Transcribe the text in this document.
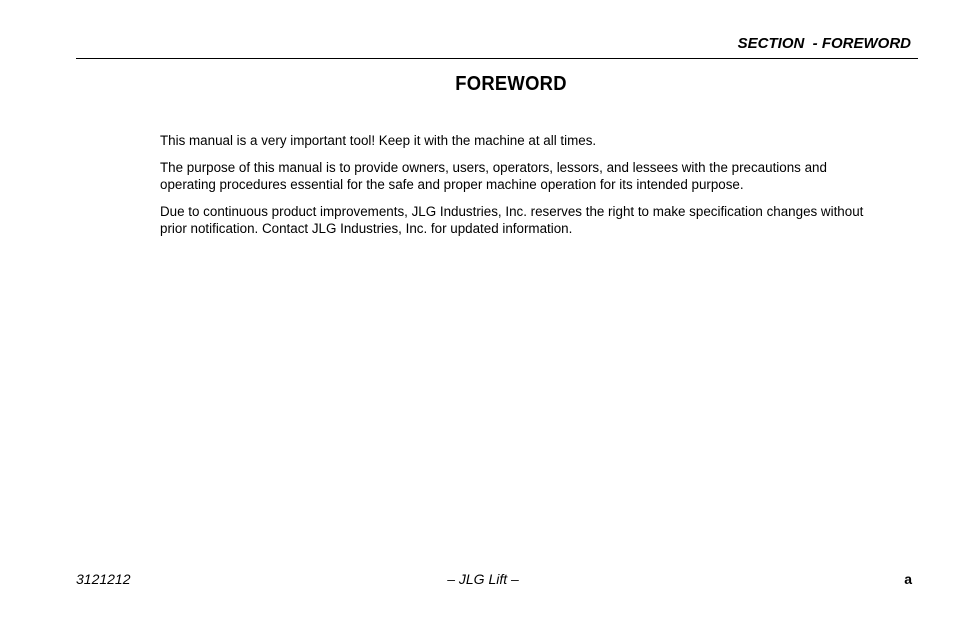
SECTION  - FOREWORD
FOREWORD

This manual is a very important tool! Keep it with the machine at all times.

The purpose of this manual is to provide owners, users, operators, lessors, and lessees with the precautions and operating procedures essential for the safe and proper machine operation for its intended purpose.

Due to continuous product improvements, JLG Industries, Inc. reserves the right to make specification changes without prior notification. Contact JLG Industries, Inc. for updated information.

3121212	– JLG Lift –	a
